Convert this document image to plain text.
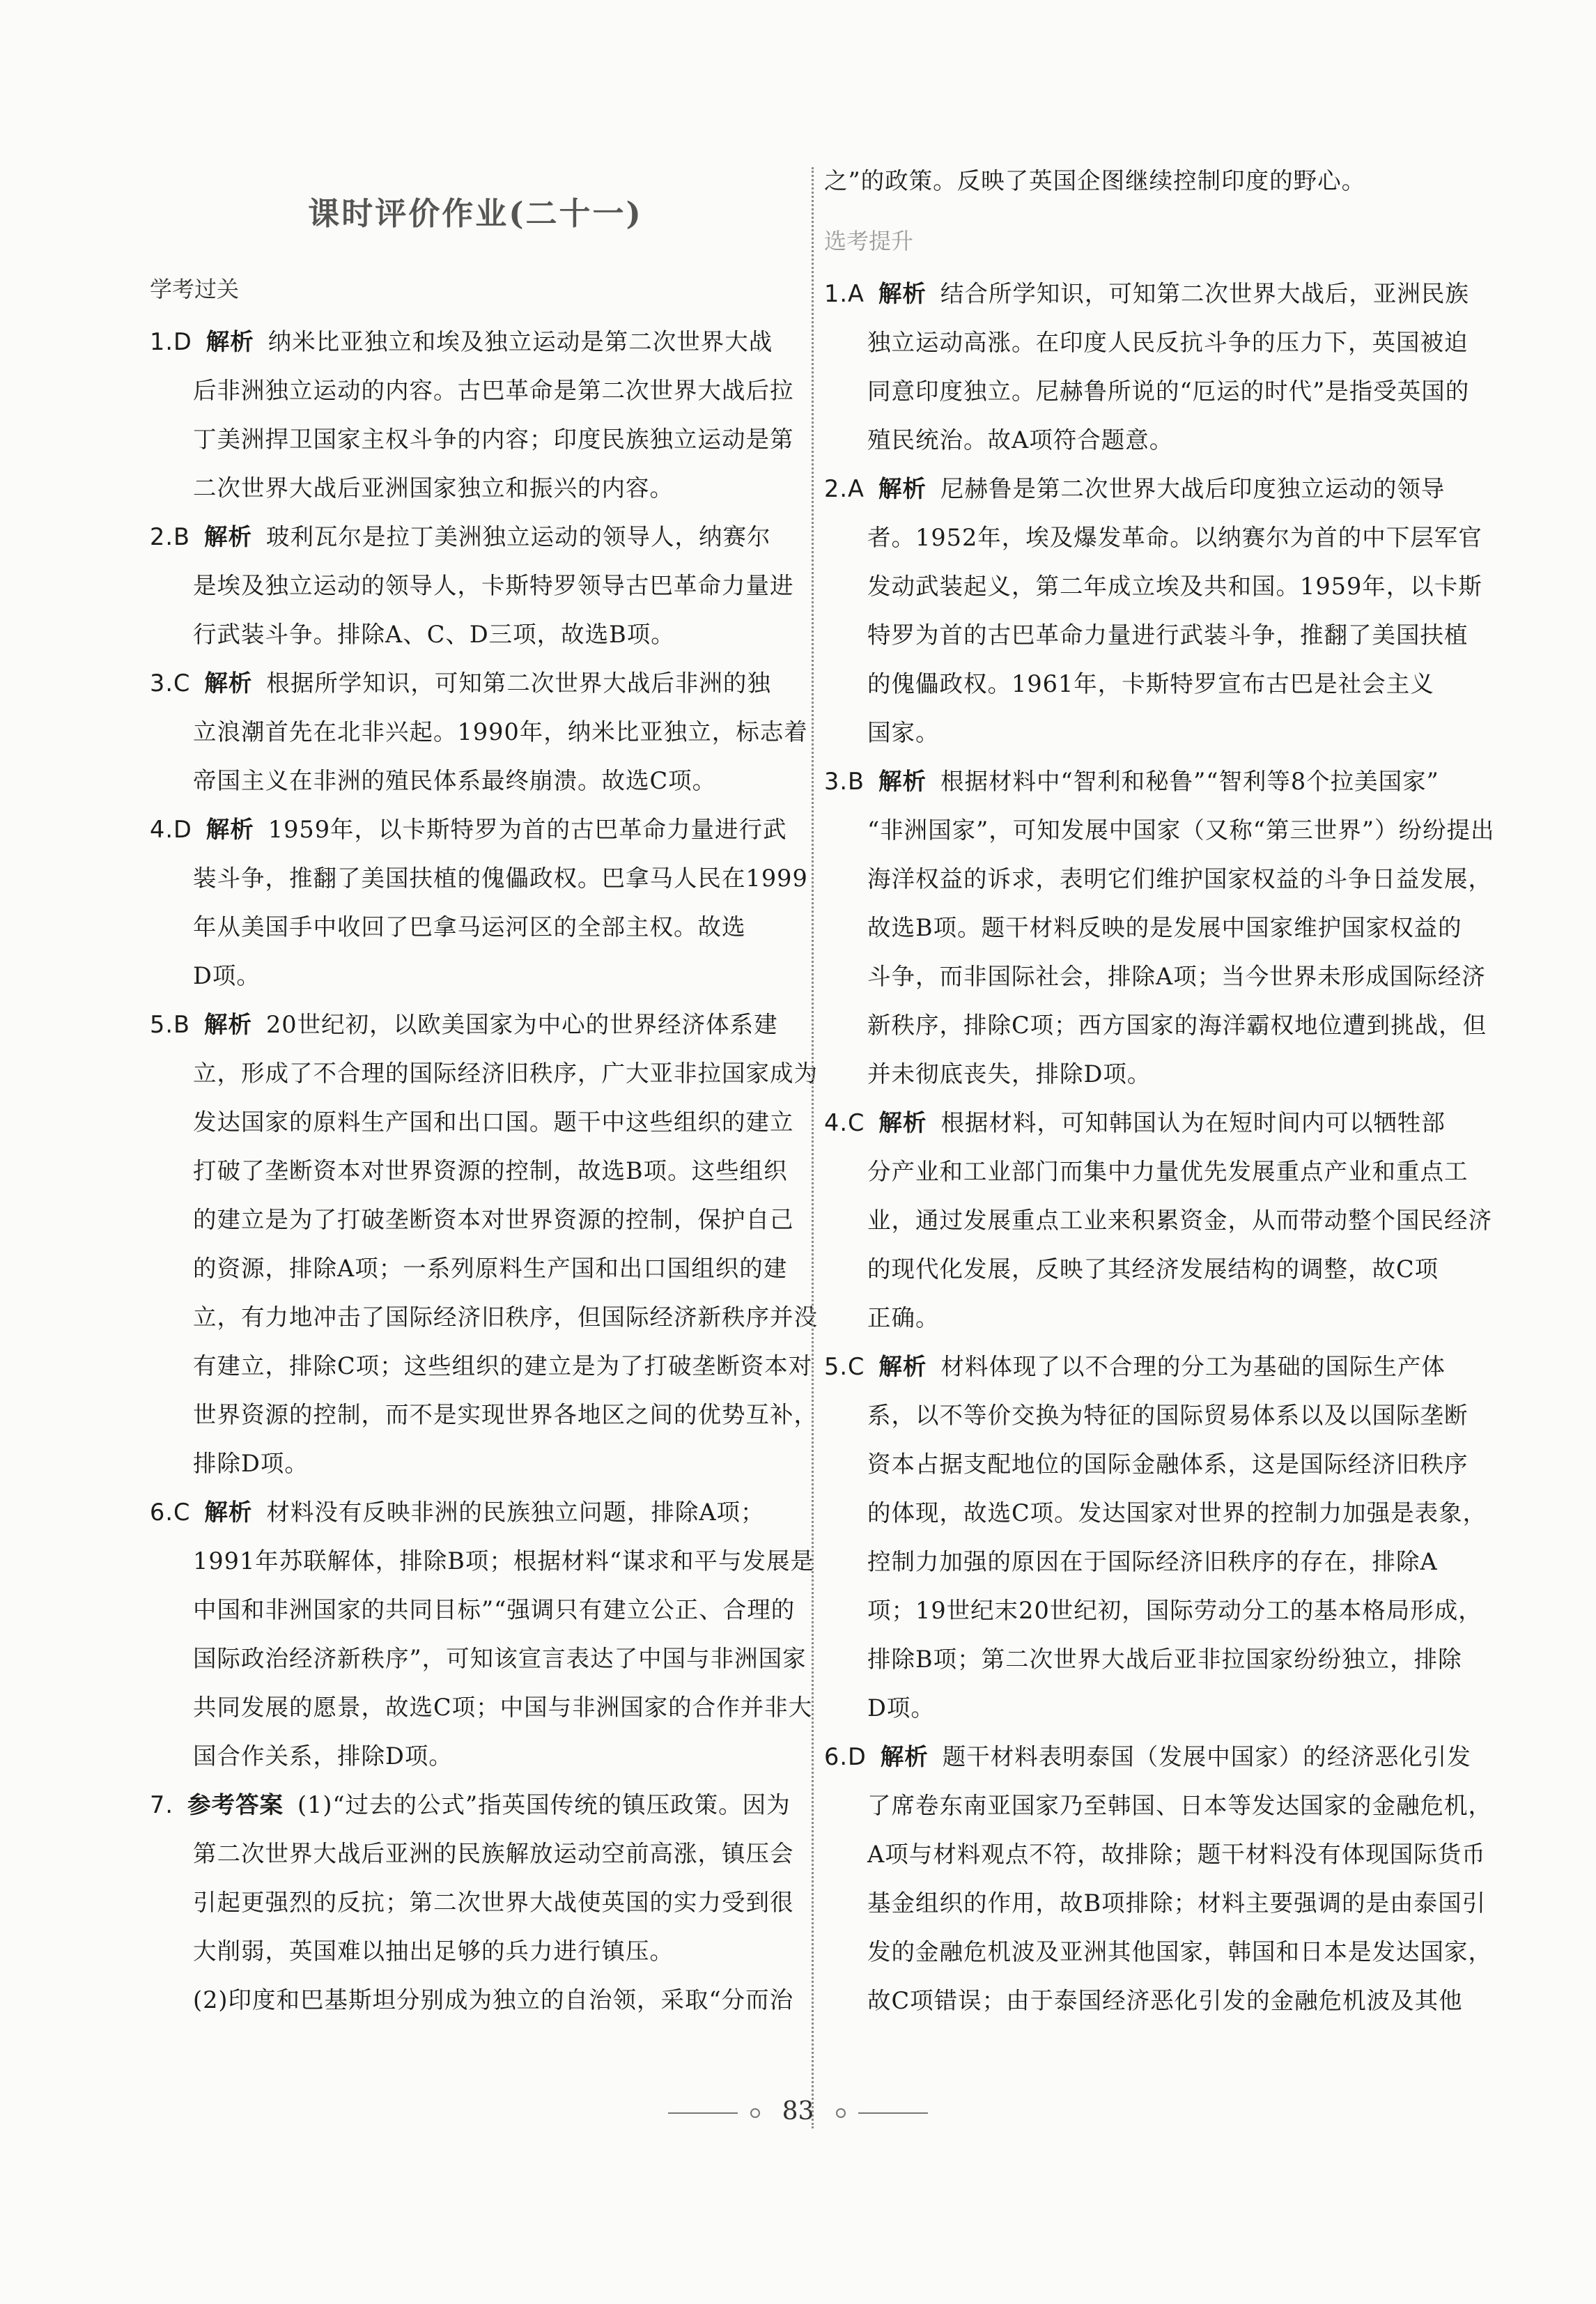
课时评价作业(二十一)
学考过关
1.D 解析 纳米比亚独立和埃及独立运动是第二次世界大战
后非洲独立运动的内容。古巴革命是第二次世界大战后拉
丁美洲捍卫国家主权斗争的内容；印度民族独立运动是第
二次世界大战后亚洲国家独立和振兴的内容。
2.B 解析 玻利瓦尔是拉丁美洲独立运动的领导人，纳赛尔
是埃及独立运动的领导人，卡斯特罗领导古巴革命力量进
行武装斗争。排除A、C、D三项，故选B项。
3.C 解析 根据所学知识，可知第二次世界大战后非洲的独
立浪潮首先在北非兴起。1990年，纳米比亚独立，标志着
帝国主义在非洲的殖民体系最终崩溃。故选C项。
4.D 解析 1959年，以卡斯特罗为首的古巴革命力量进行武
装斗争，推翻了美国扶植的傀儡政权。巴拿马人民在1999
年从美国手中收回了巴拿马运河区的全部主权。故选
D项。
5.B 解析 20世纪初，以欧美国家为中心的世界经济体系建
立，形成了不合理的国际经济旧秩序，广大亚非拉国家成为
发达国家的原料生产国和出口国。题干中这些组织的建立
打破了垄断资本对世界资源的控制，故选B项。这些组织
的建立是为了打破垄断资本对世界资源的控制，保护自己
的资源，排除A项；一系列原料生产国和出口国组织的建
立，有力地冲击了国际经济旧秩序，但国际经济新秩序并没
有建立，排除C项；这些组织的建立是为了打破垄断资本对
世界资源的控制，而不是实现世界各地区之间的优势互补，
排除D项。
6.C 解析 材料没有反映非洲的民族独立问题，排除A项；
1991年苏联解体，排除B项；根据材料“谋求和平与发展是
中国和非洲国家的共同目标”“强调只有建立公正、合理的
国际政治经济新秩序”，可知该宣言表达了中国与非洲国家
共同发展的愿景，故选C项；中国与非洲国家的合作并非大
国合作关系，排除D项。
7. 参考答案 (1)“过去的公式”指英国传统的镇压政策。因为
第二次世界大战后亚洲的民族解放运动空前高涨，镇压会
引起更强烈的反抗；第二次世界大战使英国的实力受到很
大削弱，英国难以抽出足够的兵力进行镇压。
(2)印度和巴基斯坦分别成为独立的自治领，采取“分而治
之”的政策。反映了英国企图继续控制印度的野心。
选考提升
1.A 解析 结合所学知识，可知第二次世界大战后，亚洲民族
独立运动高涨。在印度人民反抗斗争的压力下，英国被迫
同意印度独立。尼赫鲁所说的“厄运的时代”是指受英国的
殖民统治。故A项符合题意。
2.A 解析 尼赫鲁是第二次世界大战后印度独立运动的领导
者。1952年，埃及爆发革命。以纳赛尔为首的中下层军官
发动武装起义，第二年成立埃及共和国。1959年，以卡斯
特罗为首的古巴革命力量进行武装斗争，推翻了美国扶植
的傀儡政权。1961年，卡斯特罗宣布古巴是社会主义
国家。
3.B 解析 根据材料中“智利和秘鲁”“智利等8个拉美国家”
“非洲国家”，可知发展中国家（又称“第三世界”）纷纷提出
海洋权益的诉求，表明它们维护国家权益的斗争日益发展，
故选B项。题干材料反映的是发展中国家维护国家权益的
斗争，而非国际社会，排除A项；当今世界未形成国际经济
新秩序，排除C项；西方国家的海洋霸权地位遭到挑战，但
并未彻底丧失，排除D项。
4.C 解析 根据材料，可知韩国认为在短时间内可以牺牲部
分产业和工业部门而集中力量优先发展重点产业和重点工
业，通过发展重点工业来积累资金，从而带动整个国民经济
的现代化发展，反映了其经济发展结构的调整，故C项
正确。
5.C 解析 材料体现了以不合理的分工为基础的国际生产体
系，以不等价交换为特征的国际贸易体系以及以国际垄断
资本占据支配地位的国际金融体系，这是国际经济旧秩序
的体现，故选C项。发达国家对世界的控制力加强是表象，
控制力加强的原因在于国际经济旧秩序的存在，排除A
项；19世纪末20世纪初，国际劳动分工的基本格局形成，
排除B项；第二次世界大战后亚非拉国家纷纷独立，排除
D项。
6.D 解析 题干材料表明泰国（发展中国家）的经济恶化引发
了席卷东南亚国家乃至韩国、日本等发达国家的金融危机，
A项与材料观点不符，故排除；题干材料没有体现国际货币
基金组织的作用，故B项排除；材料主要强调的是由泰国引
发的金融危机波及亚洲其他国家，韩国和日本是发达国家，
故C项错误；由于泰国经济恶化引发的金融危机波及其他
83
